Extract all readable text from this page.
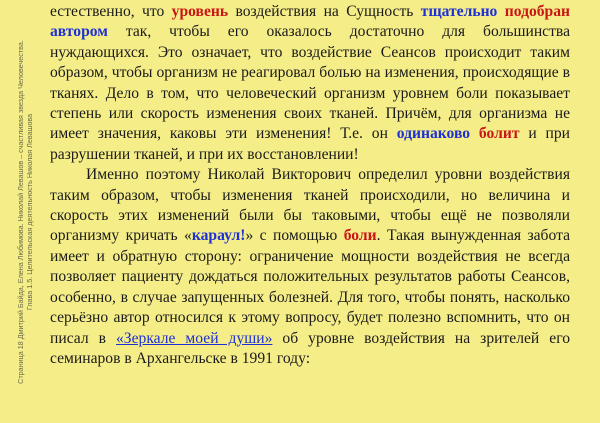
Страница 18 Дмитрий Байда, Елена Любимова. Николай Левашов – счастливая звезда Человечества. Глава 1.5. Целительская деятельность Николая Левашова

естественно, что уровень воздействия на Сущность тщательно подобран автором так, чтобы его оказалось достаточно для большинства нуждающихся. Это означает, что воздействие Сеансов происходит таким образом, чтобы организм не реагировал болью на изменения, происходящие в тканях. Дело в том, что человеческий организм уровнем боли показывает степень или скорость изменения своих тканей. Причём, для организма не имеет значения, каковы эти изменения! Т.е. он одинаково болит и при разрушении тканей, и при их восстановлении!

Именно поэтому Николай Викторович определил уровни воздействия таким образом, чтобы изменения тканей происходили, но величина и скорость этих изменений были бы таковыми, чтобы ещё не позволяли организму кричать «караул!» с помощью боли. Такая вынужденная забота имеет и обратную сторону: ограничение мощности воздействия не всегда позволяет пациенту дождаться положительных результатов работы Сеансов, особенно, в случае запущенных болезней. Для того, чтобы понять, насколько серьёзно автор относился к этому вопросу, будет полезно вспомнить, что он писал в «Зеркале моей души» об уровне воздействия на зрителей его семинаров в Архангельске в 1991 году:
